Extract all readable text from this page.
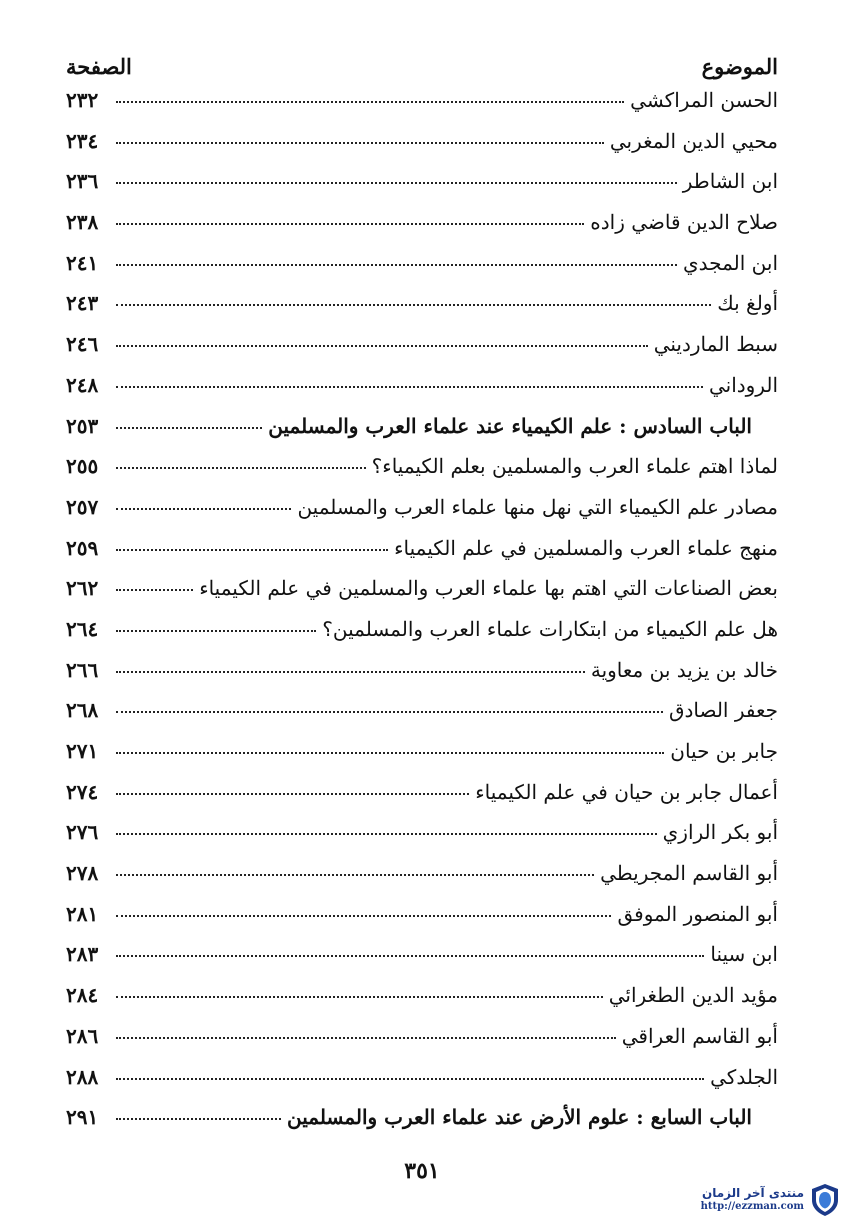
الصفحة	الموضوع
الحسن المراكشي
٢٣٢
محيي الدين المغربي
٢٣٤
ابن الشاطر
٢٣٦
صلاح الدين قاضي زاده
٢٣٨
ابن المجدي
٢٤١
أولغ بك
٢٤٣
سبط المارديني
٢٤٦
الروداني
٢٤٨
الباب السادس : علم الكيمياء عند علماء العرب والمسلمين
٢٥٣
لماذا اهتم علماء العرب والمسلمين بعلم الكيمياء؟
٢٥٥
مصادر علم الكيمياء التي نهل منها علماء العرب والمسلمين
٢٥٧
منهج علماء العرب والمسلمين في علم الكيمياء
٢٥٩
بعض الصناعات التي اهتم بها علماء العرب والمسلمين في علم الكيمياء
٢٦٢
هل علم الكيمياء من ابتكارات علماء العرب والمسلمين؟
٢٦٤
خالد بن يزيد بن معاوية
٢٦٦
جعفر الصادق
٢٦٨
جابر بن حيان
٢٧١
أعمال جابر بن حيان في علم الكيمياء
٢٧٤
أبو بكر الرازي
٢٧٦
أبو القاسم المجريطي
٢٧٨
أبو المنصور الموفق
٢٨١
ابن سينا
٢٨٣
مؤيد الدين الطغرائي
٢٨٤
أبو القاسم العراقي
٢٨٦
الجلدكي
٢٨٨
الباب السابع : علوم الأرض عند علماء العرب والمسلمين
٢٩١
٣٥١
منتدى آخر الزمان
http://ezzman.com
